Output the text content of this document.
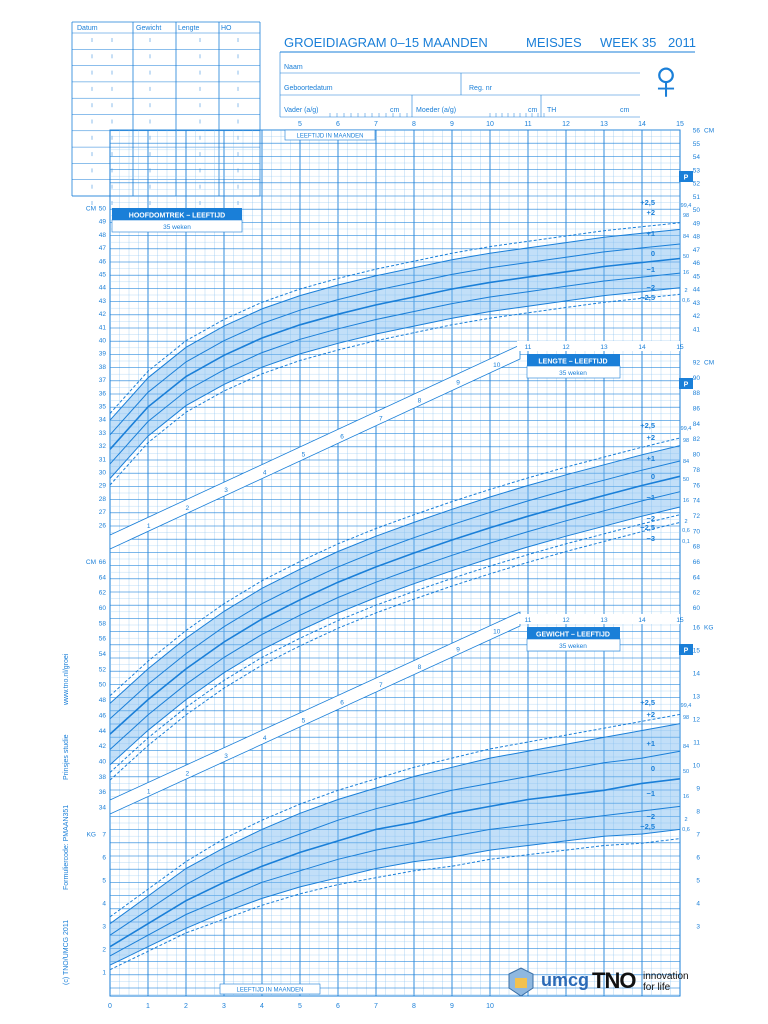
5	6	7	8	9	10	11	12	13	14	15
0	1	2	3	4	5	6	7	8	9	10
LEEFTIJD IN MAANDEN
LEEFTIJD IN MAANDEN
41
42
43
44
45
46
47
48
49
50
51
52
53
54
55
56 CM
26
27
28
29
30
31
32
33
34
35
36
37
38
39
40
41
42
43
44
45
46
47
48
49
50
CM
HOOFDOMTREK – LEEFTIJD
35 weken
P
+2,5
+2
+1
0
−1
−2
−2,5
99,4
98
84
50
16
2
0,6
60
62
64
66
68
70
72
74
76
78
80
82
84
86
88
90
92 CM
34
36
38
40
42
44
46
48
50
52
54
56
58
60
62
64
66
CM
LENGTE – LEEFTIJD
35 weken
P
+2,5
+2
+1
0
−1
−2
−2,5
−3
99,4
98
84
50
16
2
0,6
0,1
3
4
5
6
7
8
9
10
11
12
13
14
15
16 KG
1
2
3
4
5
6
7
KG
GEWICHT – LEEFTIJD
35 weken
P
+2,5
+2
+1
0
−1
−2
−2,5
99,4
98
84
50
16
2
0,6
1
2
3
4
5
6
7
8
9
10
1
2
3
4
5
6
7
8
9
10
11	12	13	14	15
11	12	13	14	15
GROEIDIAGRAM 0–15 MAANDEN	MEISJES WEEK 35 2011
♀
Datum	Gewicht Lengte	HO
Naam
Geboortedatum	Reg. nr
Vader (a/g)	cm Moeder (a/g)	cm TH	cm
www.tno.nl/groei
Prinsjes studie
Formuliercode: PMAAN351
(c) TNO/UMCG 2011	umcg TNO innovation
for life
